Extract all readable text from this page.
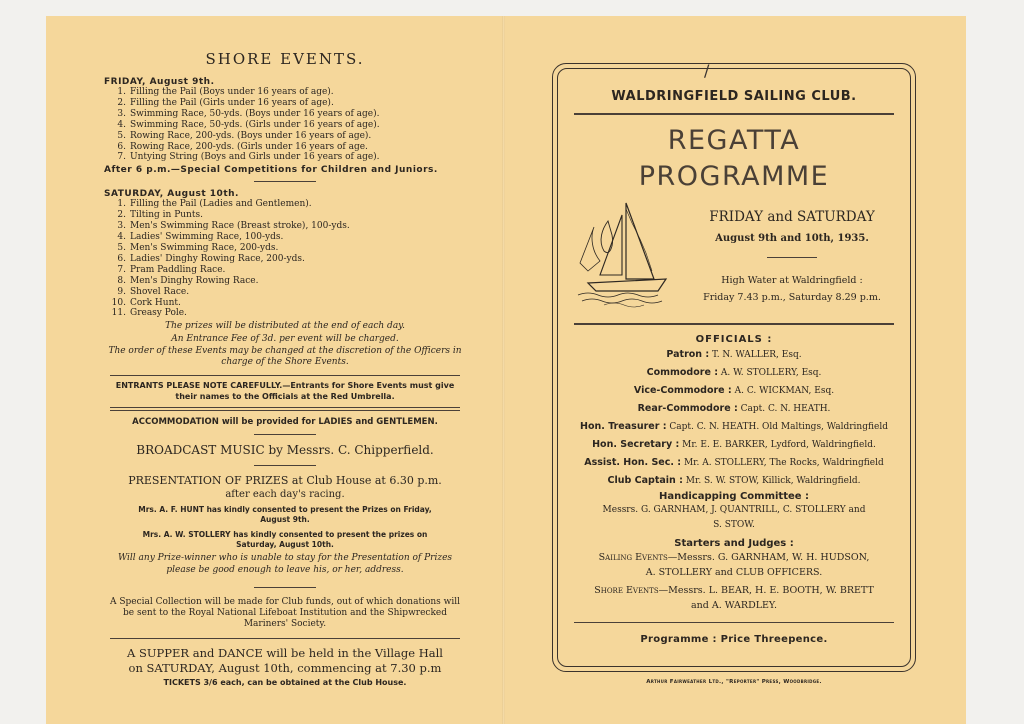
SHORE EVENTS.
FRIDAY, August 9th.
1. Filling the Pail (Boys under 16 years of age).
2. Filling the Pail (Girls under 16 years of age).
3. Swimming Race, 50-yds. (Boys under 16 years of age).
4. Swimming Race, 50-yds. (Girls under 16 years of age).
5. Rowing Race, 200-yds. (Boys under 16 years of age).
6. Rowing Race, 200-yds. (Girls under 16 years of age.
7. Untying String (Boys and Girls under 16 years of age).
After 6 p.m.—Special Competitions for Children and Juniors.
SATURDAY, August 10th.
1. Filling the Pail (Ladies and Gentlemen).
2. Tilting in Punts.
3. Men's Swimming Race (Breast stroke), 100-yds.
4. Ladies' Swimming Race, 100-yds.
5. Men's Swimming Race, 200-yds.
6. Ladies' Dinghy Rowing Race, 200-yds.
7. Pram Paddling Race.
8. Men's Dinghy Rowing Race.
9. Shovel Race.
10. Cork Hunt.
11. Greasy Pole.
The prizes will be distributed at the end of each day.
An Entrance Fee of 3d. per event will be charged.
The order of these Events may be changed at the discretion of the Officers in charge of the Shore Events.
ENTRANTS PLEASE NOTE CAREFULLY.—Entrants for Shore Events must give their names to the Officials at the Red Umbrella.
ACCOMMODATION will be provided for LADIES and GENTLEMEN.
BROADCAST MUSIC by Messrs. C. Chipperfield.
PRESENTATION OF PRIZES at Club House at 6.30 p.m.
after each day's racing.
Mrs. A. F. HUNT has kindly consented to present the Prizes on Friday, August 9th.
Mrs. A. W. STOLLERY has kindly consented to present the prizes on Saturday, August 10th.
Will any Prize-winner who is unable to stay for the Presentation of Prizes please be good enough to leave his, or her, address.
A Special Collection will be made for Club funds, out of which donations will be sent to the Royal National Lifeboat Institution and the Shipwrecked Mariners' Society.
A SUPPER and DANCE will be held in the Village Hall
on SATURDAY, August 10th, commencing at 7.30 p.m
TICKETS 3/6 each, can be obtained at the Club House.
/
WALDRINGFIELD SAILING CLUB.
REGATTA
PROGRAMME
FRIDAY and SATURDAY
August 9th and 10th, 1935.
High Water at Waldringfield :
Friday 7.43 p.m., Saturday 8.29 p.m.
OFFICIALS :
Patron : T. N. WALLER, Esq.
Commodore : A. W. STOLLERY, Esq.
Vice-Commodore : A. C. WICKMAN, Esq.
Rear-Commodore : Capt. C. N. HEATH.
Hon. Treasurer : Capt. C. N. HEATH. Old Maltings, Waldringfield
Hon. Secretary : Mr. E. E. BARKER, Lydford, Waldringfield.
Assist. Hon. Sec. : Mr. A. STOLLERY, The Rocks, Waldringfield
Club Captain : Mr. S. W. STOW, Killick, Waldringfield.
Handicapping Committee :
Messrs. G. GARNHAM, J. QUANTRILL, C. STOLLERY and
S. STOW.
Starters and Judges :
Sailing Events—Messrs. G. GARNHAM, W. H. HUDSON,
A. STOLLERY and CLUB OFFICERS.
Shore Events—Messrs. L. BEAR, H. E. BOOTH, W. BRETT
and A. WARDLEY.
Programme : Price Threepence.
Arthur Fairweather Ltd., "Reporter" Press, Woodbridge.
